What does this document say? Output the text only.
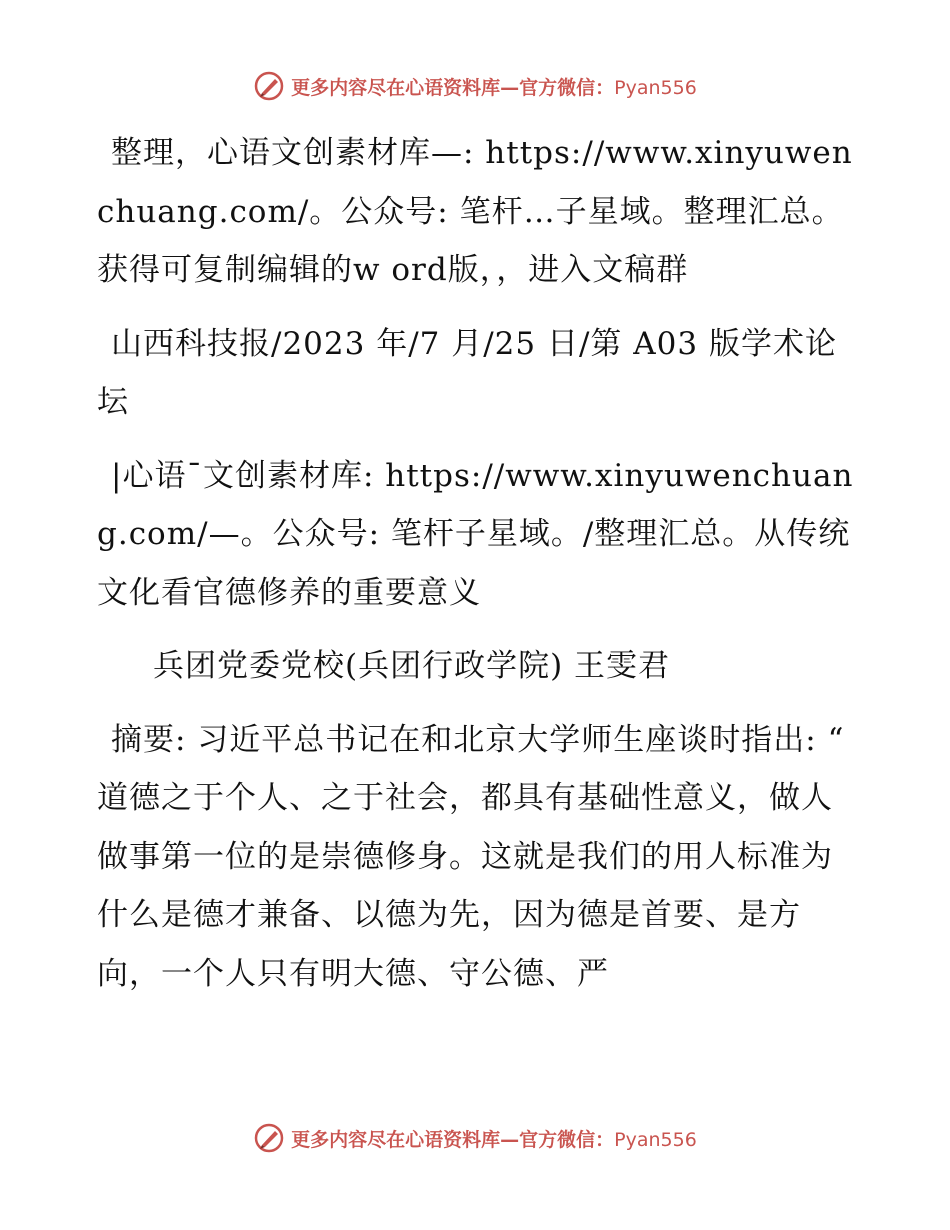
更多内容尽在心语资料库—官方微信：Pyan556

整理，心语文创素材库—: https://www.xinyuwenchuang.com/。公众号: 笔杆…子星域。整理汇总。获得可复制编辑的w ord版，，进入文稿群

山西科技报/2023 年/7 月/25 日/第 A03 版学术论坛

|心语¯文创素材库: https://www.xinyuwenchuang.com/—。公众号: 笔杆子星域。/整理汇总。从传统文化看官德修养的重要意义

兵团党委党校(兵团行政学院) 王雯君

摘要: 习近平总书记在和北京大学师生座谈时指出: “ 道德之于个人、之于社会，都具有基础性意义，做人做事第一位的是崇德修身。这就是我们的用人标准为什么是德才兼备、以德为先，因为德是首要、是方向，一个人只有明大德、守公德、严

更多内容尽在心语资料库—官方微信：Pyan556
